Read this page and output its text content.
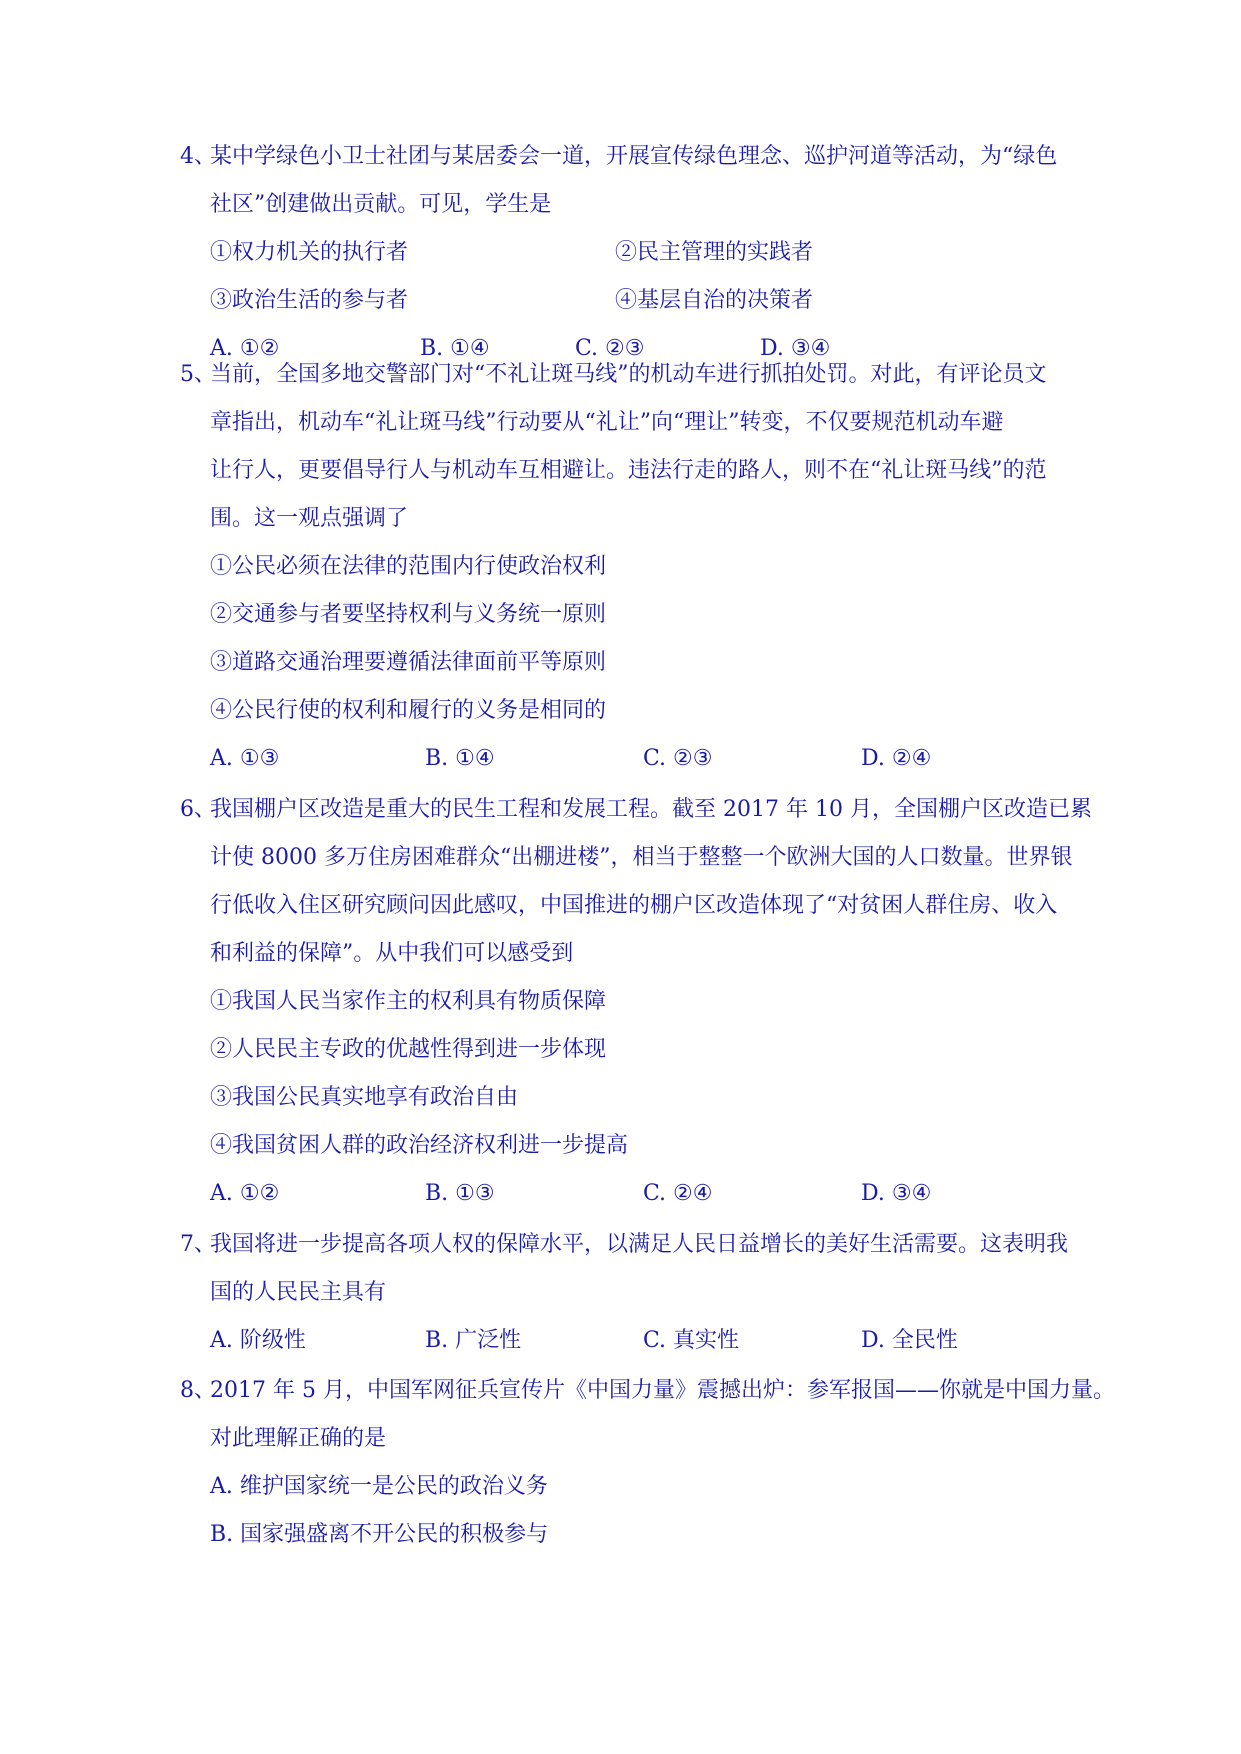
4、
某中学绿色小卫士社团与某居委会一道，开展宣传绿色理念、巡护河道等活动，为“绿色
社区”创建做出贡献。可见，学生是
①权力机关的执行者	②民主管理的实践者
③政治生活的参与者	④基层自治的决策者
A. ①②	B. ①④	C. ②③	D. ③④
5、
当前，全国多地交警部门对“不礼让斑马线”的机动车进行抓拍处罚。对此，有评论员文
章指出，机动车“礼让斑马线”行动要从“礼让”向“理让”转变，不仅要规范机动车避
让行人，更要倡导行人与机动车互相避让。违法行走的路人，则不在“礼让斑马线”的范
围。这一观点强调了
①公民必须在法律的范围内行使政治权利
②交通参与者要坚持权利与义务统一原则
③道路交通治理要遵循法律面前平等原则
④公民行使的权利和履行的义务是相同的
A. ①③	B. ①④	C. ②③	D. ②④
6、
我国棚户区改造是重大的民生工程和发展工程。截至 2017 年 10 月，全国棚户区改造已累
计使 8000 多万住房困难群众“出棚进楼”，相当于整整一个欧洲大国的人口数量。世界银
行低收入住区研究顾问因此感叹，中国推进的棚户区改造体现了“对贫困人群住房、收入
和利益的保障”。从中我们可以感受到
①我国人民当家作主的权利具有物质保障
②人民民主专政的优越性得到进一步体现
③我国公民真实地享有政治自由
④我国贫困人群的政治经济权利进一步提高
A. ①②	B. ①③	C. ②④	D. ③④
7、
我国将进一步提高各项人权的保障水平，以满足人民日益增长的美好生活需要。这表明我
国的人民民主具有
A. 阶级性	B. 广泛性	C. 真实性	D. 全民性
8、
2017 年 5 月，中国军网征兵宣传片《中国力量》震撼出炉：参军报国——你就是中国力量。
对此理解正确的是
A. 维护国家统一是公民的政治义务
B. 国家强盛离不开公民的积极参与
